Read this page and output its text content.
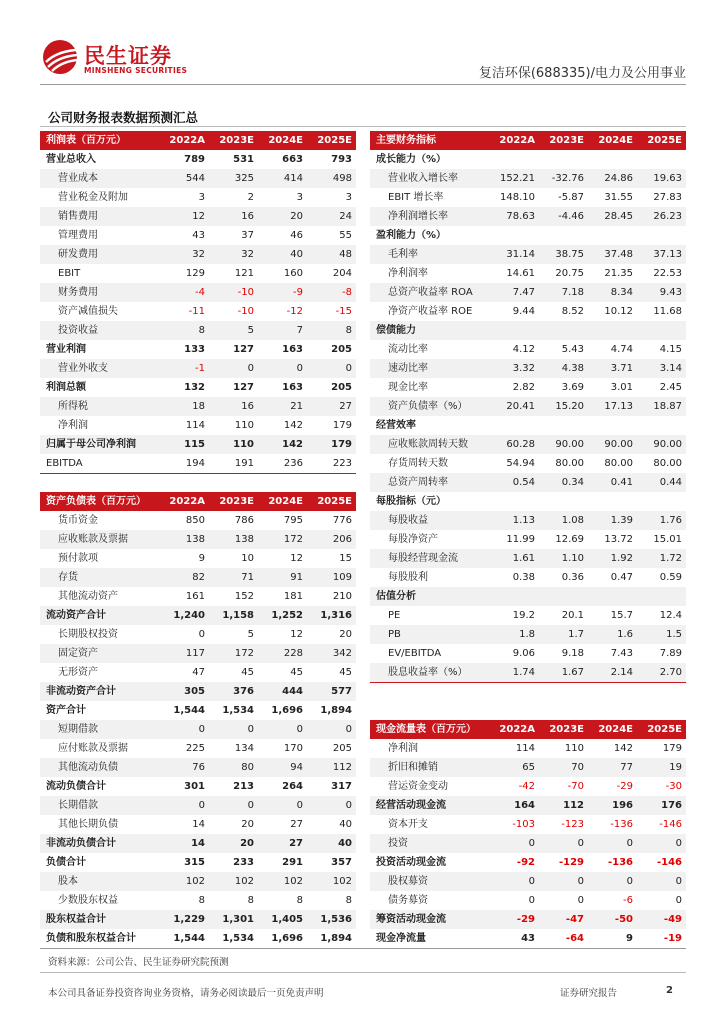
民生证券
MINSHENG SECURITIES	复洁环保(688335)/电力及公用事业
公司财务报表数据预测汇总
利润表（百万元）	2022A	2023E	2024E	2025E
营业总收入	789	531	663	793
营业成本	544	325	414	498
营业税金及附加	3	2	3	3
销售费用	12	16	20	24
管理费用	43	37	46	55
研发费用	32	32	40	48
EBIT	129	121	160	204
财务费用	-4	-10	-9	-8
资产减值损失	-11	-10	-12	-15
投资收益	8	5	7	8
营业利润	133	127	163	205
营业外收支	-1	0	0	0
利润总额	132	127	163	205
所得税	18	16	21	27
净利润	114	110	142	179
归属于母公司净利润	115	110	142	179
EBITDA	194	191	236	223
资产负债表（百万元）	2022A	2023E	2024E	2025E
货币资金	850	786	795	776
应收账款及票据	138	138	172	206
预付款项	9	10	12	15
存货	82	71	91	109
其他流动资产	161	152	181	210
流动资产合计	1,240	1,158	1,252	1,316
长期股权投资	0	5	12	20
固定资产	117	172	228	342
无形资产	47	45	45	45
非流动资产合计	305	376	444	577
资产合计	1,544	1,534	1,696	1,894
短期借款	0	0	0	0
应付账款及票据	225	134	170	205
其他流动负债	76	80	94	112
流动负债合计	301	213	264	317
长期借款	0	0	0	0
其他长期负债	14	20	27	40
非流动负债合计	14	20	27	40
负债合计	315	233	291	357
股本	102	102	102	102
少数股东权益	8	8	8	8
股东权益合计	1,229	1,301	1,405	1,536
负债和股东权益合计	1,544	1,534	1,696	1,894
主要财务指标	2022A	2023E	2024E	2025E
成长能力（%）				
营业收入增长率	152.21	-32.76	24.86	19.63
EBIT 增长率	148.10	-5.87	31.55	27.83
净利润增长率	78.63	-4.46	28.45	26.23
盈利能力（%）				
毛利率	31.14	38.75	37.48	37.13
净利润率	14.61	20.75	21.35	22.53
总资产收益率 ROA	7.47	7.18	8.34	9.43
净资产收益率 ROE	9.44	8.52	10.12	11.68
偿债能力				
流动比率	4.12	5.43	4.74	4.15
速动比率	3.32	4.38	3.71	3.14
现金比率	2.82	3.69	3.01	2.45
资产负债率（%）	20.41	15.20	17.13	18.87
经营效率				
应收账款周转天数	60.28	90.00	90.00	90.00
存货周转天数	54.94	80.00	80.00	80.00
总资产周转率	0.54	0.34	0.41	0.44
每股指标（元）				
每股收益	1.13	1.08	1.39	1.76
每股净资产	11.99	12.69	13.72	15.01
每股经营现金流	1.61	1.10	1.92	1.72
每股股利	0.38	0.36	0.47	0.59
估值分析				
PE	19.2	20.1	15.7	12.4
PB	1.8	1.7	1.6	1.5
EV/EBITDA	9.06	9.18	7.43	7.89
股息收益率（%）	1.74	1.67	2.14	2.70
现金流量表（百万元）	2022A	2023E	2024E	2025E
净利润	114	110	142	179
折旧和摊销	65	70	77	19
营运资金变动	-42	-70	-29	-30
经营活动现金流	164	112	196	176
资本开支	-103	-123	-136	-146
投资	0	0	0	0
投资活动现金流	-92	-129	-136	-146
股权募资	0	0	0	0
债务募资	0	0	-6	0
筹资活动现金流	-29	-47	-50	-49
现金净流量	43	-64	9	-19
资料来源：公司公告、民生证券研究院预测
本公司具备证券投资咨询业务资格，请务必阅读最后一页免责声明	证券研究报告	2
